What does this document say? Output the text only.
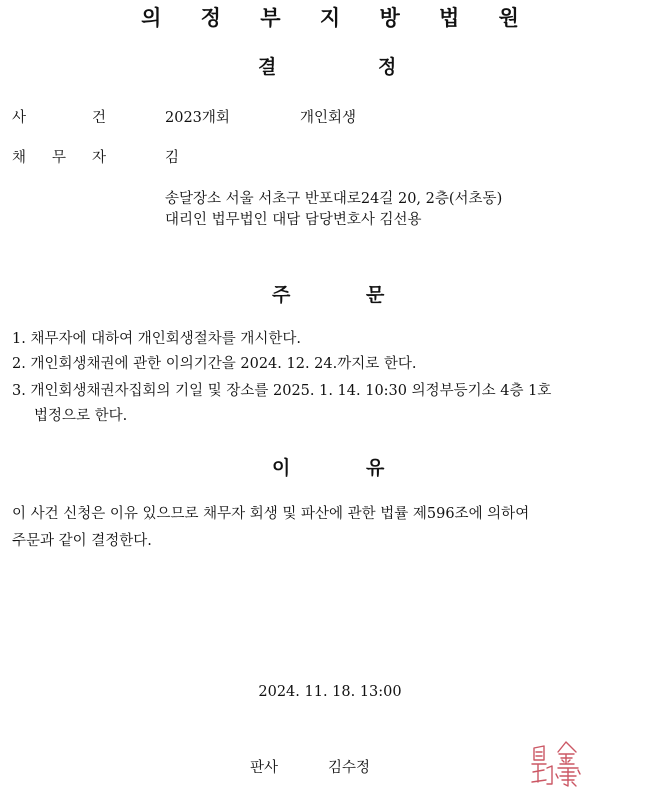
의 정 부 지 방 법 원
결	정
사	건	2023개회	개인회생
채 무 자	김
송달장소 서울 서초구 반포대로24길 20, 2층(서초동)
대리인 법무법인 대담 담당변호사 김선용
주	문
1. 채무자에 대하여 개인회생절차를 개시한다.
2. 개인회생채권에 관한 이의기간을 2024. 12. 24.까지로 한다.
3. 개인회생채권자집회의 기일 및 장소를 2025. 1. 14. 10:30 의정부등기소 4층 1호
법정으로 한다.
이	유
이 사건 신청은 이유 있으므로 채무자 회생 및 파산에 관한 법률 제596조에 의하여
주문과 같이 결정한다.
2024. 11. 18. 13:00
판사	김수정
